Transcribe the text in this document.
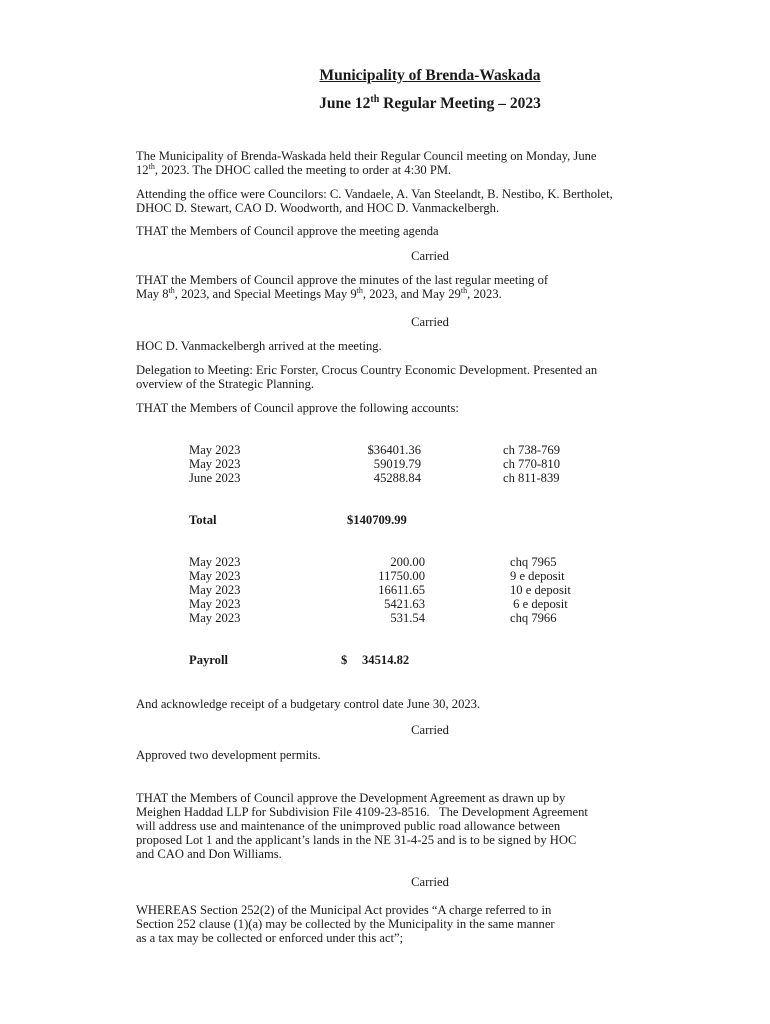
Municipality of Brenda-Waskada
June 12th Regular Meeting – 2023
The Municipality of Brenda-Waskada held their Regular Council meeting on Monday, June
12th, 2023. The DHOC called the meeting to order at 4:30 PM.
Attending the office were Councilors: C. Vandaele, A. Van Steelandt, B. Nestibo, K. Bertholet,
DHOC D. Stewart, CAO D. Woodworth, and HOC D. Vanmackelbergh.
THAT the Members of Council approve the meeting agenda
Carried
THAT the Members of Council approve the minutes of the last regular meeting of
May 8th, 2023, and Special Meetings May 9th, 2023, and May 29th, 2023.
Carried
HOC D. Vanmackelbergh arrived at the meeting.
Delegation to Meeting: Eric Forster, Crocus Country Economic Development. Presented an
overview of the Strategic Planning.
THAT the Members of Council approve the following accounts:
May 2023	$36401.36	ch 738-769
May 2023	59019.79	ch 770-810
June 2023	45288.84	ch 811-839
Total	$140709.99
May 2023	200.00	chq 7965
May 2023	11750.00	9 e deposit
May 2023	16611.65	10 e deposit
May 2023	5421.63	6 e deposit
May 2023	531.54	chq 7966
Payroll	$ 34514.82
And acknowledge receipt of a budgetary control date June 30, 2023.
Carried
Approved two development permits.
THAT the Members of Council approve the Development Agreement as drawn up by
Meighen Haddad LLP for Subdivision File 4109-23-8516.   The Development Agreement
will address use and maintenance of the unimproved public road allowance between
proposed Lot 1 and the applicant’s lands in the NE 31-4-25 and is to be signed by HOC
and CAO and Don Williams.
Carried
WHEREAS Section 252(2) of the Municipal Act provides “A charge referred to in
Section 252 clause (1)(a) may be collected by the Municipality in the same manner
as a tax may be collected or enforced under this act”;
